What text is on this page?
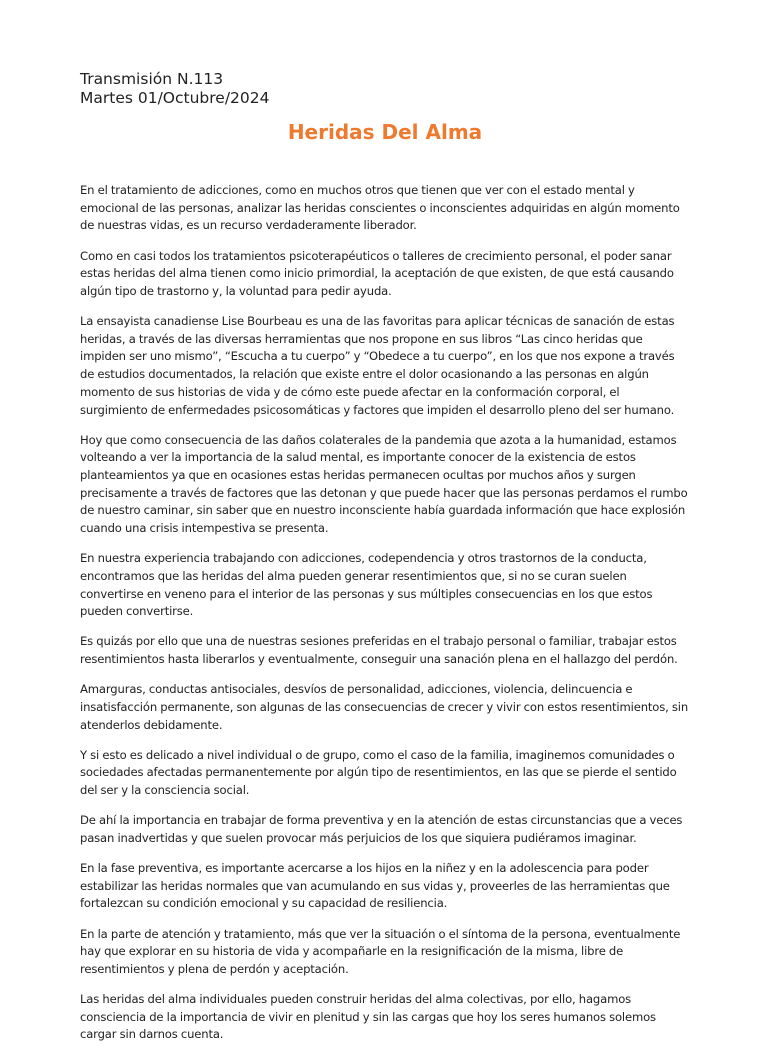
Transmisión N.113

Martes 01/Octubre/2024

Heridas Del Alma

En el tratamiento de adicciones, como en muchos otros que tienen que ver con el estado mental y emocional de las personas, analizar las heridas conscientes o inconscientes adquiridas en algún momento de nuestras vidas, es un recurso verdaderamente liberador.

Como en casi todos los tratamientos psicoterapéuticos o talleres de crecimiento personal, el poder sanar estas heridas del alma tienen como inicio primordial, la aceptación de que existen, de que está causando algún tipo de trastorno y, la voluntad para pedir ayuda.

La ensayista canadiense Lise Bourbeau es una de las favoritas para aplicar técnicas de sanación de estas heridas, a través de las diversas herramientas que nos propone en sus libros “Las cinco heridas que impiden ser uno mismo”, “Escucha a tu cuerpo” y “Obedece a tu cuerpo”, en los que nos expone a través de estudios documentados, la relación que existe entre el dolor ocasionando a las personas en algún momento de sus historias de vida y de cómo este puede afectar en la conformación corporal, el surgimiento de enfermedades psicosomáticas y factores que impiden el desarrollo pleno del ser humano.

Hoy que como consecuencia de las daños colaterales de la pandemia que azota a la humanidad, estamos volteando a ver la importancia de la salud mental, es importante conocer de la existencia de estos planteamientos ya que en ocasiones estas heridas permanecen ocultas por muchos años y surgen precisamente a través de factores que las detonan y que puede hacer que las personas perdamos el rumbo de nuestro caminar, sin saber que en nuestro inconsciente había guardada información que hace explosión cuando una crisis intempestiva se presenta.

En nuestra experiencia trabajando con adicciones, codependencia y otros trastornos de la conducta, encontramos que las heridas del alma pueden generar resentimientos que, si no se curan suelen convertirse en veneno para el interior de las personas y sus múltiples consecuencias en los que estos pueden convertirse.

Es quizás por ello que una de nuestras sesiones preferidas en el trabajo personal o familiar, trabajar estos resentimientos hasta liberarlos y eventualmente, conseguir una sanación plena en el hallazgo del perdón.

Amarguras, conductas antisociales, desvíos de personalidad, adicciones, violencia, delincuencia e insatisfacción permanente, son algunas de las consecuencias de crecer y vivir con estos resentimientos, sin atenderlos debidamente.

Y si esto es delicado a nivel individual o de grupo, como el caso de la familia, imaginemos comunidades o sociedades afectadas permanentemente por algún tipo de resentimientos, en las que se pierde el sentido del ser y la consciencia social.

De ahí la importancia en trabajar de forma preventiva y en la atención de estas circunstancias que a veces pasan inadvertidas y que suelen provocar más perjuicios de los que siquiera pudiéramos imaginar.

En la fase preventiva, es importante acercarse a los hijos en la niñez y en la adolescencia para poder estabilizar las heridas normales que van acumulando en sus vidas y, proveerles de las herramientas que fortalezcan su condición emocional y su capacidad de resiliencia.

En la parte de atención y tratamiento, más que ver la situación o el síntoma de la persona, eventualmente hay que explorar en su historia de vida y acompañarle en la resignificación de la misma, libre de resentimientos y plena de perdón y aceptación.

Las heridas del alma individuales pueden construir heridas del alma colectivas, por ello, hagamos consciencia de la importancia de vivir en plenitud y sin las cargas que hoy los seres humanos solemos cargar sin darnos cuenta.
